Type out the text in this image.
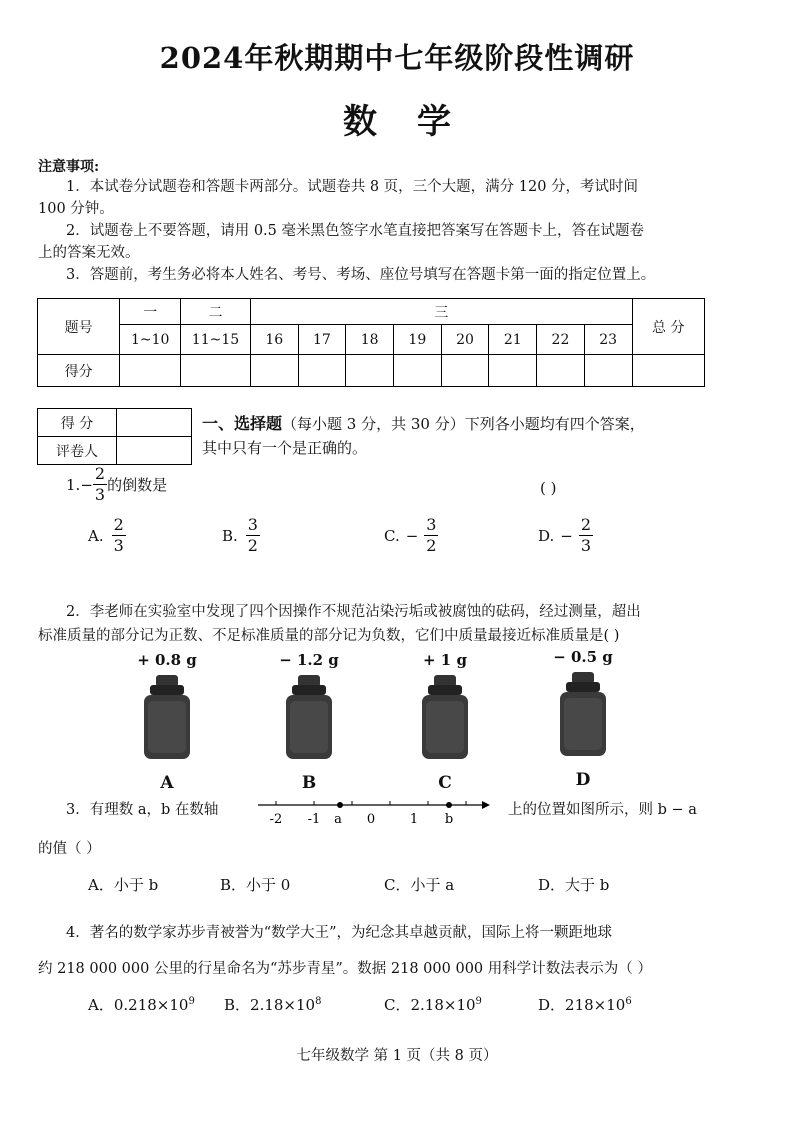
2024年秋期期中七年级阶段性调研
数学
注意事项:
1．本试卷分试题卷和答题卡两部分。试题卷共 8 页，三个大题，满分 120 分，考试时间
100 分钟。
2．试题卷上不要答题，请用 0.5 毫米黑色签字水笔直接把答案写在答题卡上，答在试题卷
上的答案无效。
3．答题前，考生务必将本人姓名、考号、考场、座位号填写在答题卡第一面的指定位置上。
题号	一	二	三								总 分
	1~10	11~15	16	17	18	19	20	21	22	23	
得分											
得 分	
评卷人	
一、选择题（每小题 3 分，共 30 分）下列各小题均有四个答案，
其中只有一个是正确的。
1. − $\frac{2}{3}$ 的倒数是	( )
A. $\frac{2}{3}$	B. $\frac{3}{2}$	C. − $\frac{3}{2}$	D. − $\frac{2}{3}$
2．李老师在实验室中发现了四个因操作不规范沾染污垢或被腐蚀的砝码，经过测量，超出
标准质量的部分记为正数、不足标准质量的部分记为负数，它们中质量最接近标准质量是( )
+ 0.8 g
A
− 1.2 g
B
+ 1 g
C
− 0.5 g
D
3．有理数 a，b 在数轴
-2 -1 a 0	1 b
上的位置如图所示，则 b − a
的值（ ）
A．小于 b	B．小于 0	C．小于 a	D．大于 b
4．著名的数学家苏步青被誉为“数学大王”，为纪念其卓越贡献，国际上将一颗距地球
约 218 000 000 公里的行星命名为“苏步青星”。数据 218 000 000 用科学计数法表示为（ ）
A．$0.218\times 10^9$ B．$2.18\times 10^8$	C．$2.18\times 10^9$	D．$218\times 10^6$
七年级数学 第 1 页（共 8 页）
